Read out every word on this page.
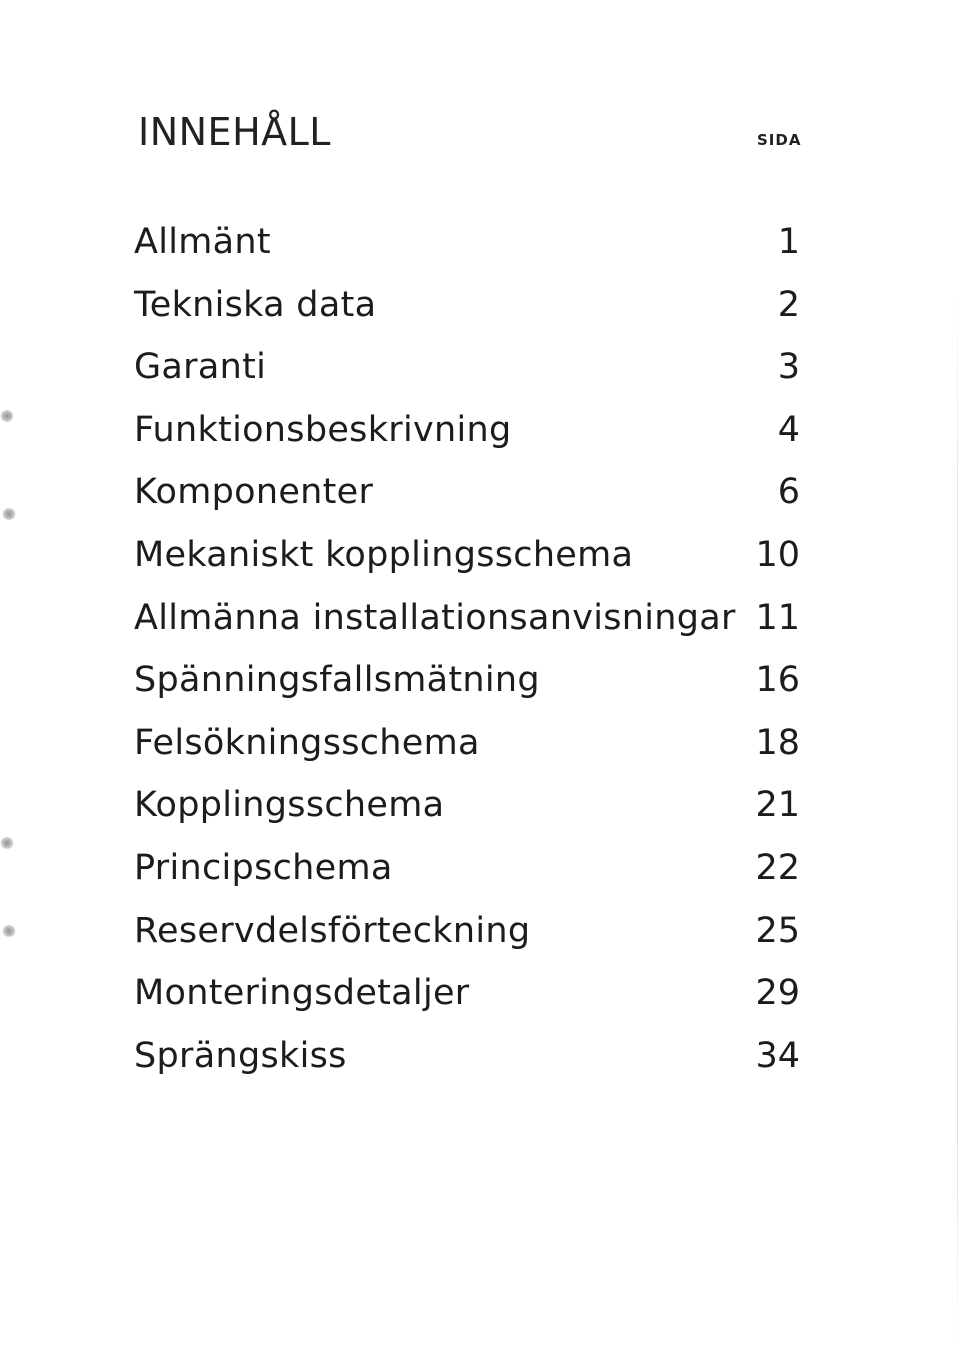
INNEHÅLL	SIDA
Allmänt	1
Tekniska data	2
Garanti	3
Funktionsbeskrivning	4
Komponenter	6
Mekaniskt kopplingsschema	10
Allmänna installationsanvisningar 11
Spänningsfallsmätning	16
Felsökningsschema	18
Kopplingsschema	21
Principschema	22
Reservdelsförteckning	25
Monteringsdetaljer	29
Sprängskiss	34
